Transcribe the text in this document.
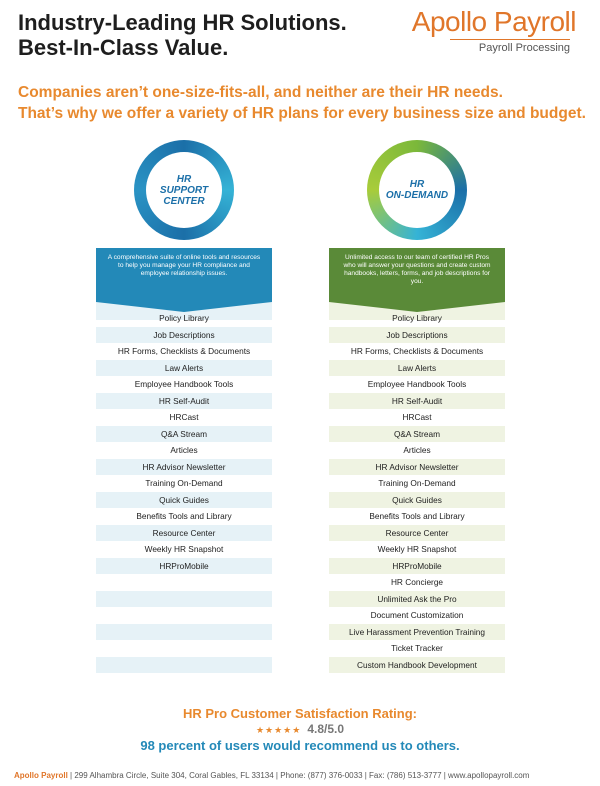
Industry-Leading HR Solutions.
Best-In-Class Value.
Apollo Payroll
Payroll Processing
Companies aren’t one-size-fits-all, and neither are their HR needs.
That’s why we offer a variety of HR plans for every business size and budget.
HR
SUPPORT
CENTER
A comprehensive suite of online tools and resources to help you manage your HR compliance and employee relationship issues.
Policy Library
Job Descriptions
HR Forms, Checklists & Documents
Law Alerts
Employee Handbook Tools
HR Self-Audit
HRCast
Q&A Stream
Articles
HR Advisor Newsletter
Training On-Demand
Quick Guides
Benefits Tools and Library
Resource Center
Weekly HR Snapshot
HRProMobile
HR
ON-DEMAND
Unlimited access to our team of certified HR Pros who will answer your questions and create custom handbooks, letters, forms, and job descriptions for you.
Policy Library
Job Descriptions
HR Forms, Checklists & Documents
Law Alerts
Employee Handbook Tools
HR Self-Audit
HRCast
Q&A Stream
Articles
HR Advisor Newsletter
Training On-Demand
Quick Guides
Benefits Tools and Library
Resource Center
Weekly HR Snapshot
HRProMobile
HR Concierge
Unlimited Ask the Pro
Document Customization
Live Harassment Prevention Training
Ticket Tracker
Custom Handbook Development
HR Pro Customer Satisfaction Rating:
★★★★★ 4.8/5.0
98 percent of users would recommend us to others.
Apollo Payroll | 299 Alhambra Circle, Suite 304, Coral Gables, FL 33134 | Phone: (877) 376-0033 | Fax: (786) 513-3777 | www.apollopayroll.com
